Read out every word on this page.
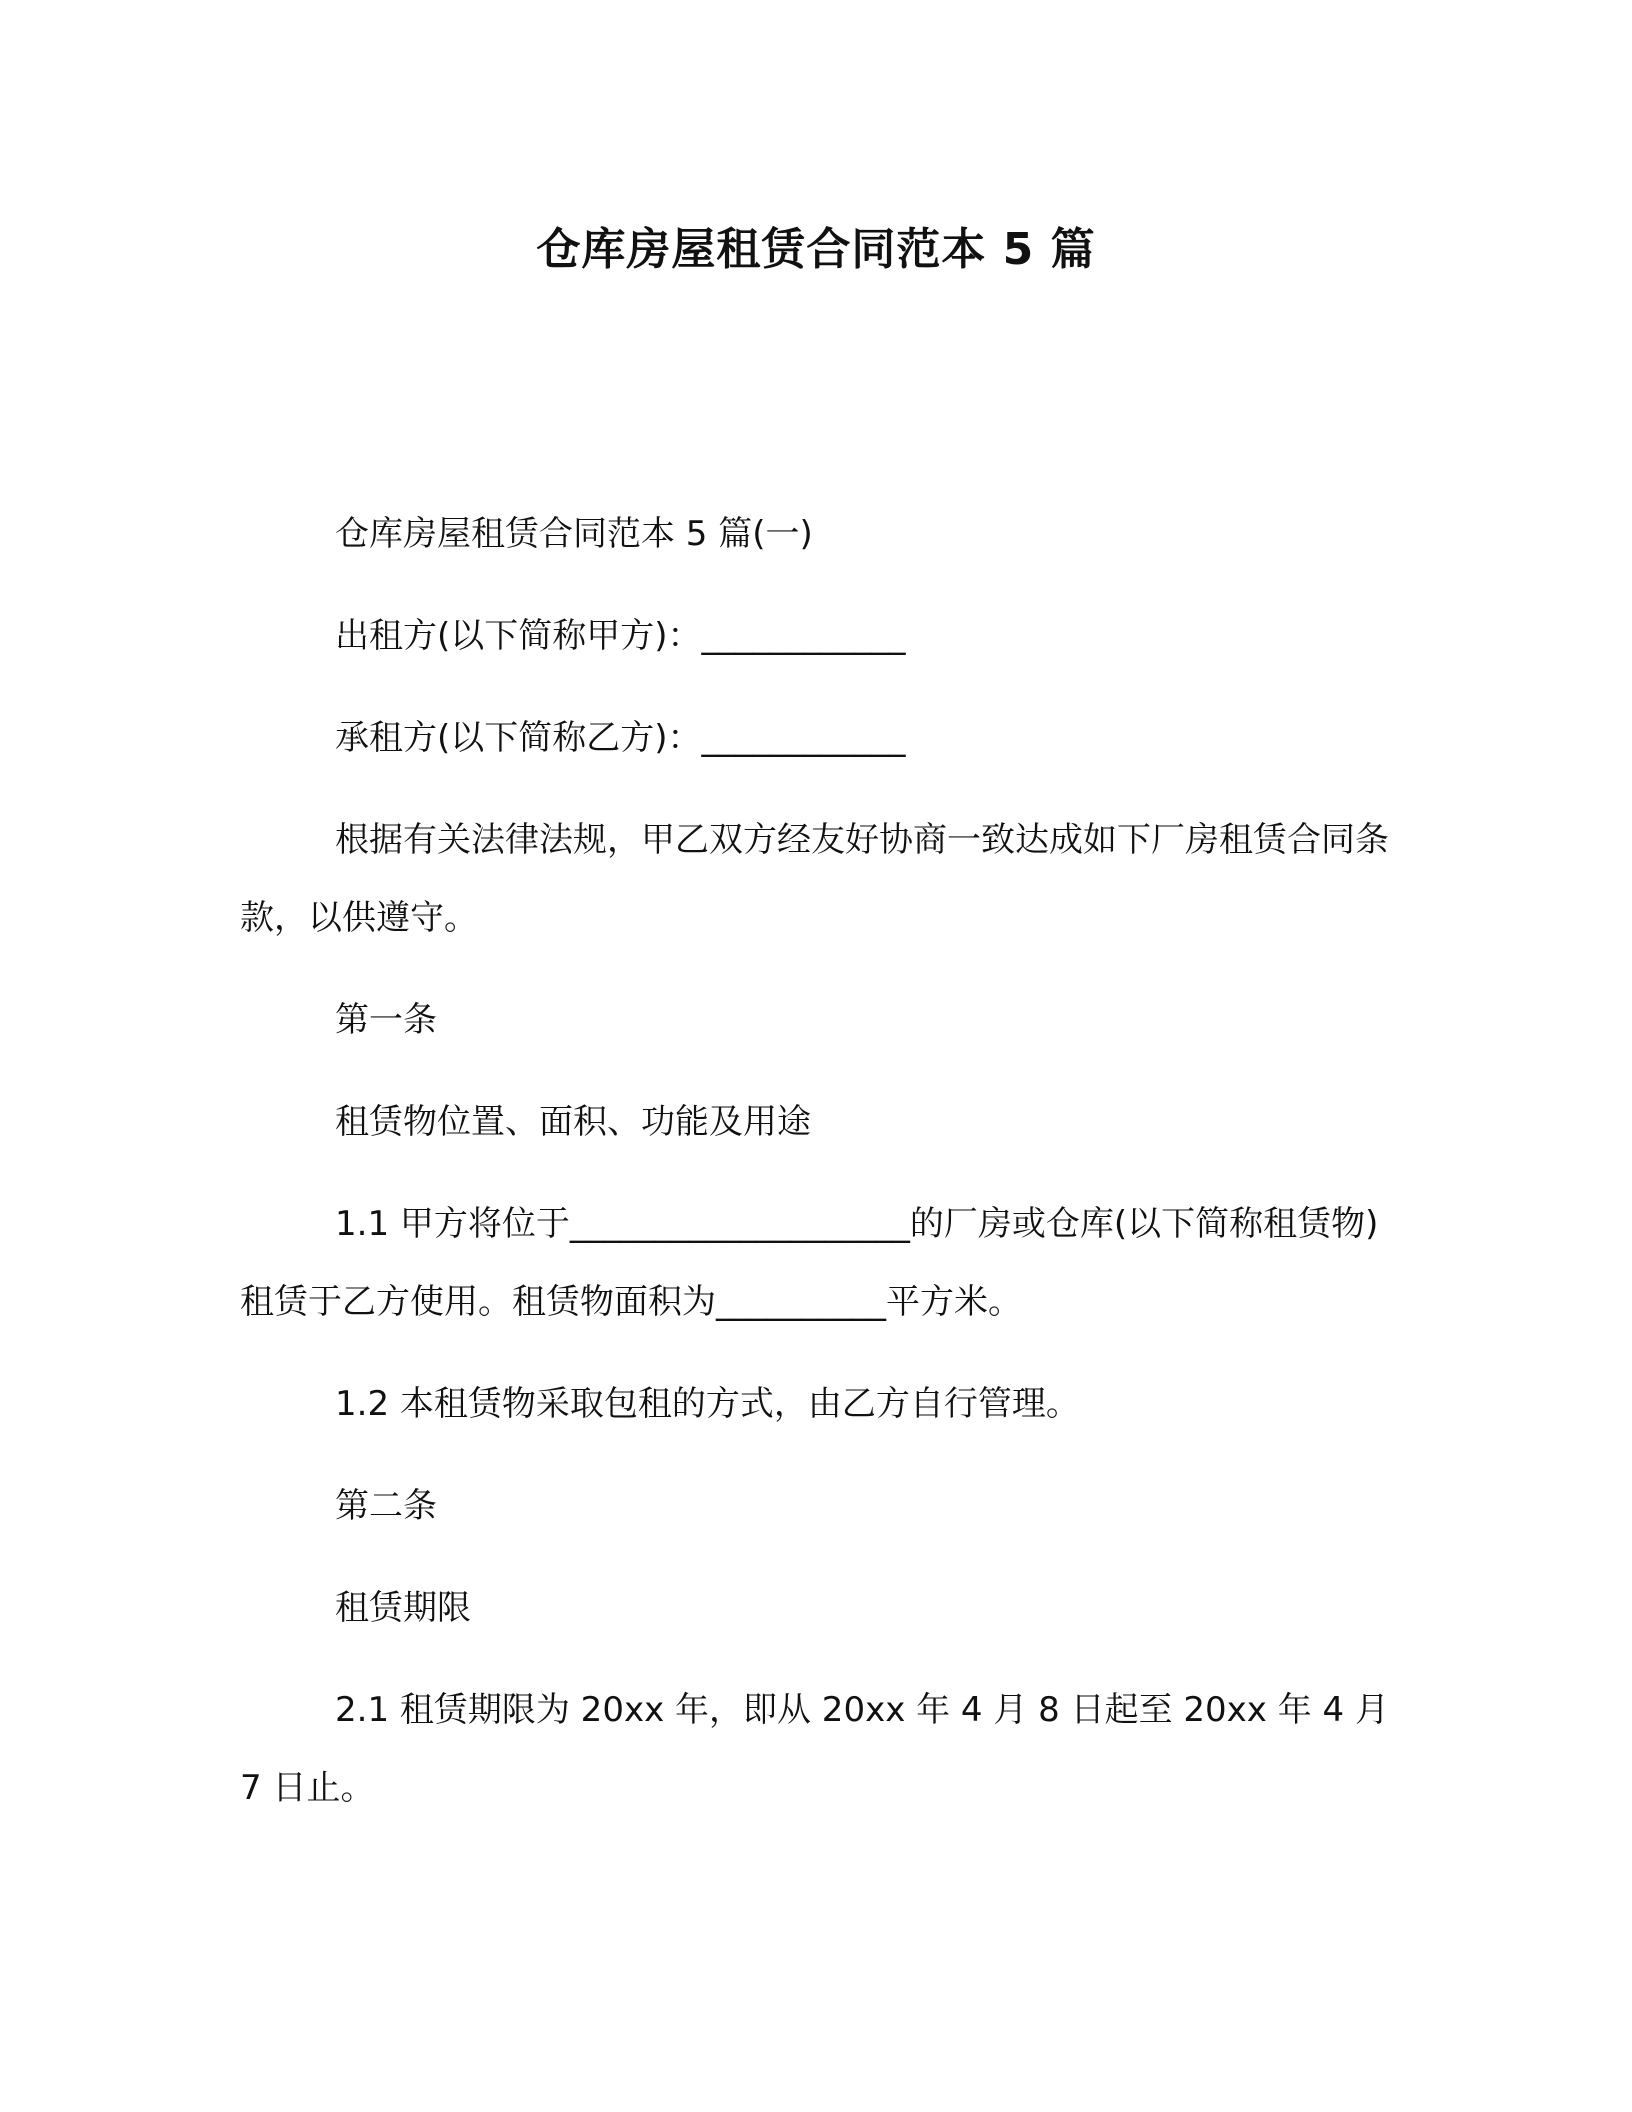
仓库房屋租赁合同范本 5 篇

仓库房屋租赁合同范本 5 篇(一)

出租方(以下简称甲方)：____________

承租方(以下简称乙方)：____________

根据有关法律法规，甲乙双方经友好协商一致达成如下厂房租赁合同条款，以供遵守。

第一条

租赁物位置、面积、功能及用途

1.1 甲方将位于____________________的厂房或仓库(以下简称租赁物)租赁于乙方使用。租赁物面积为__________平方米。

1.2 本租赁物采取包租的方式，由乙方自行管理。

第二条

租赁期限

2.1 租赁期限为 20xx 年，即从 20xx 年 4 月 8 日起至 20xx 年 4 月 7 日止。
